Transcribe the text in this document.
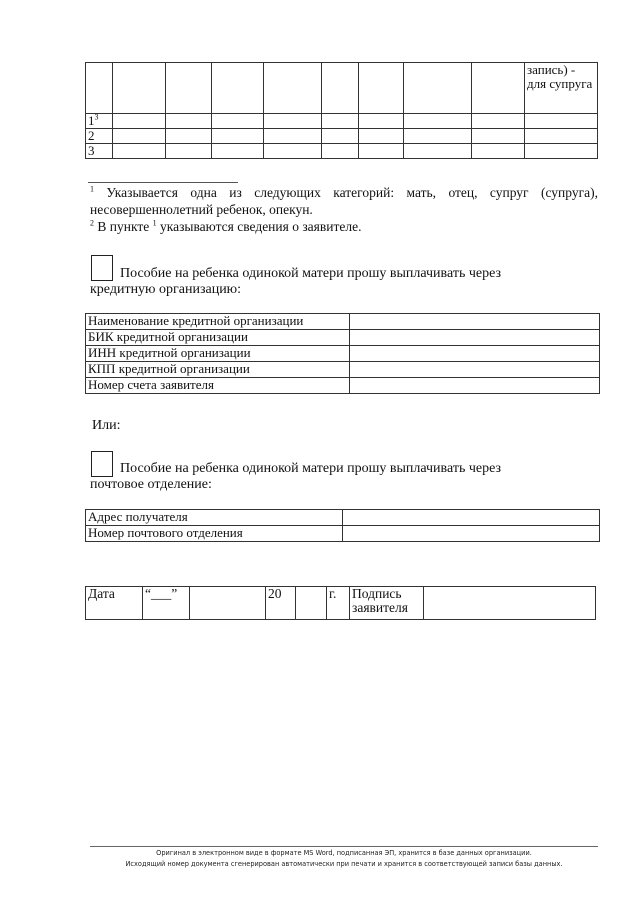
									запись) - для супруга
$1^3$									
2									
3									

$^1$ Указывается одна из следующих категорий: мать, отец, супруг (супруга), несовершеннолетний ребенок, опекун.

$^2$ В пункте $^1$ указываются сведения о заявителе.

Пособие на ребенка одинокой матери прошу выплачивать через
кредитную организацию:
Наименование кредитной организации	
БИК кредитной организации	
ИНН кредитной организации	
КПП кредитной организации	
Номер счета заявителя	
Или:
Пособие на ребенка одинокой матери прошу выплачивать через
почтовое отделение:
Адрес получателя	
Номер почтового отделения	
Дата	“___”		20		г.	Подпись заявителя	
Оригинал в электронном виде в формате MS Word, подписанная ЭП, хранится в базе данных организации.
Исходящий номер документа сгенерирован автоматически при печати и хранится в соответствующей записи базы данных.
